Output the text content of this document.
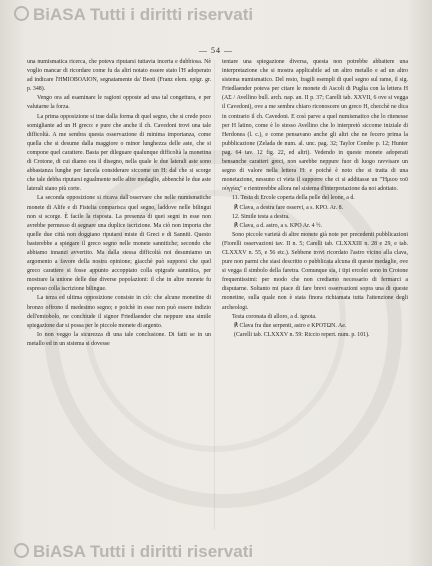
BiASA Tutti i diritti riservati
— 54 —

una numismatica ricerca, che poteva riputarsi tuttavia incerta e dubbiosa. Nè voglio mancar di ricordare come fu da altri notato essere stato l'H adoperato ad indicare l'HMIOBOΛION, segnatamente da' Beoti (Franz elem. epigr. gr. p. 348).

Vengo ora ad esaminare le ragioni opposte ad una tal congettura, e per valutarne la forza.

La prima opposizione si trae dalla forma di quel segno, che si crede poco somigliante ad un H greco: e pure che anche il ch. Cavedoni trovi una tale difficoltà. A me sembra questa osservazione di minima importanza, come quella che si desume dalla maggiore o minor lunghezza delle aste, che si compone quel carattere. Basta per dileguare qualunque difficoltà la monetina di Crotone, di cui diamo ora il disegno, nella quale le due laterali aste sono abbastanza lunghe per farcela considerare siccome un H: dal che si scorge che tale debba riputarsi egualmente nelle altre medaglie, abbenchè le due aste laterali siano più corte.

La seconda opposizione si ricava dall'osservare che nelle numismatiche monete di Alife e di Fistelia comparisca quel segno, laddove nelle bilingui non si scorge. È facile la risposta. La presenza di quei segni in esse non avrebbe permesso di segnare una duplice iscrizione. Ma ciò non importa che quelle due città non doggiano riputarsi miste di Greci e di Sanniti. Questo basterebbe a spiegare il greco segno nelle monete sannitiche; secondo che abbiamo innanzi avvertito. Ma dalla stessa difficoltà noi desumiamo un argomento a favore della nostra opinione; giacchè può supporsi che quel greco carattere si fosse appunto accoppiato colla epigrafe sannitica, per mostrare la unione delle due diverse popolazioni: il che in altre monete fu espresso colla iscrizione bilingue.

La terza ed ultima opposizione consiste in ciò: che alcune monetine di bronzo offrono il medesimo segno; e poichè in esse non può essere indizio dell'emiobolo, ne conchiude il signor Friedlaender che neppure una simile spiegazione dar si possa per le piccole monete di argento.

Io non veggo la sicurezza di una tale conclusione. Di fatti se in un metallo ed in un sistema si dovesse

tentare una spiegazione diversa, questa non potrebbe abbattere una interpretazione che si mostra applicabile ad un altro metallo e ad un altro sistema numismatico. Del resto, fragili esempli di quel segno sul rame, il sig. Friedlaender poteva per citare le monete di Ascoli di Puglia con la lettera H (AΣ / Avellino bull. arch. nap. an. II p. 37; Carelli tab. XXVII, 6 ove si vegga il Cavedoni), ove a me sembra chiaro riconoscere un greco H, checchè ne dica in contrario il ch. Cavedoni. E così parve a quel numismatico che lo ritenesse per H latino, come è lo stesso Avellino che lo interpretò siccome iniziale di Herdonea (l. c.), e come pensavano anche gli altri che ne fecero prima la pubblicazione (Zelada de num. al. unc. pag. 32; Taylor Combe p. 12; Hunter pag. 64 tav. 12 fig. 22, ed altri). Vedendo in queste monete adoperati bensanche caratteri greci, non sarebbe neppure fuor di luogo ravvisare un segno di valore nella lettera H: e poichè è noto che si tratta di una monetazione, nessuno ci vieta il supporre che ci si additasse un "Ἡμιου τοῦ οὐγγίας" e rientrerebbe allora nel sistema d'interpretazione da noi adottato.

11. Testa di Ercole coperta della pelle del leone, a d.

℟ Clava, a destra fare osservi, a s. KPO. Ar. 8.

12. Simile testa a destra.

℟ Clava, a d. astro, a s. KPO Ar. 4 ½.

Sono piccole varietà di altre monete già note per precedenti pubblicazioni (Fiorelli osservazioni tav. II n. 5; Carelli tab. CLXXXIII n. 28 e 29, e tab. CLXXXV n. 55, e 56 etc.). Sebbene trovi ricordato l'astro vicino alla clava, pure non parmi che siasi descritto o pubblicata alcuna di queste medaglie, ove si vegga il simbolo della faretra. Comunque sia, i tipi ercolei sono in Crotone frequentissimi: per modo che non crediamo necessario di fermarci a disputarne. Soltanto mi piace di fare brevi osservazioni sopra una di queste monetine, sulla quale non è stata finora richiamata tutta l'attenzione degli archeologi.

Testa coronata di alloro, a d. ignota.

℟ Clava fra due serpenti, astro e KPOTΩN. Ae.

(Carelli tab. CLXXXV n. 59: Riccio repert. num. p. 101).

BiASA Tutti i diritti riservati
